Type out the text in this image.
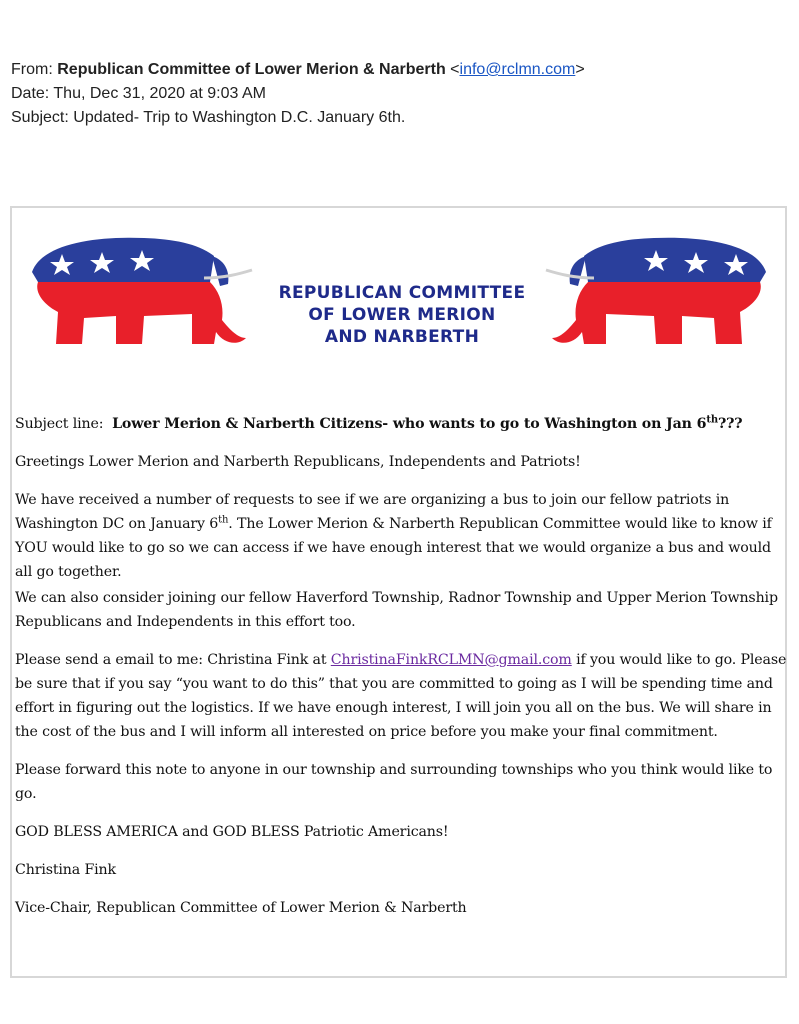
From: Republican Committee of Lower Merion & Narberth <info@rclmn.com>
Date: Thu, Dec 31, 2020 at 9:03 AM
Subject: Updated- Trip to Washington D.C. January 6th.
REPUBLICAN COMMITTEE
OF LOWER MERION
AND NARBERTH

Subject line: Lower Merion & Narberth Citizens- who wants to go to Washington on Jan 6th???

Greetings Lower Merion and Narberth Republicans, Independents and Patriots!

We have received a number of requests to see if we are organizing a bus to join our fellow patriots in Washington DC on January 6th. The Lower Merion & Narberth Republican Committee would like to know if YOU would like to go so we can access if we have enough interest that we would organize a bus and would all go together.

We can also consider joining our fellow Haverford Township, Radnor Township and Upper Merion Township Republicans and Independents in this effort too.

Please send a email to me: Christina Fink at ChristinaFinkRCLMN@gmail.com if you would like to go. Please be sure that if you say “you want to do this” that you are committed to going as I will be spending time and effort in figuring out the logistics. If we have enough interest, I will join you all on the bus. We will share in the cost of the bus and I will inform all interested on price before you make your final commitment.

Please forward this note to anyone in our township and surrounding townships who you think would like to go.

GOD BLESS AMERICA and GOD BLESS Patriotic Americans!

Christina Fink

Vice-Chair, Republican Committee of Lower Merion & Narberth
